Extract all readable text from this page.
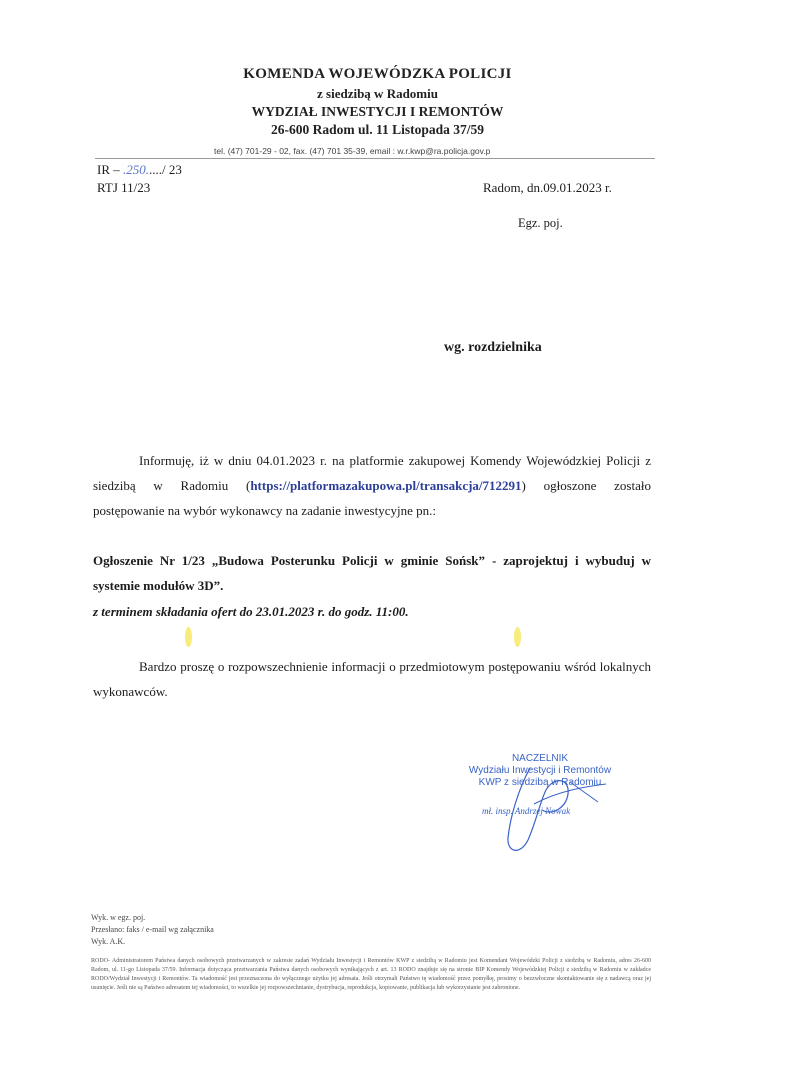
KOMENDA WOJEWÓDZKA POLICJI
z siedzibą w Radomiu
WYDZIAŁ INWESTYCJI I REMONTÓW
26-600 Radom ul. 11 Listopada 37/59
tel. (47) 701-29 - 02, fax. (47) 701 35-39, email : w.r.kwp@ra.policja.gov.p
IR – .250...../ 23
RTJ 11/23	Radom, dn.09.01.2023 r.
Egz. poj.
wg. rozdzielnika
Informuję, iż w dniu 04.01.2023 r. na platformie zakupowej Komendy Wojewódzkiej Policji z siedzibą w Radomiu (https://platformazakupowa.pl/transakcja/712291) ogłoszone zostało postępowanie na wybór wykonawcy na zadanie inwestycyjne pn.:
Ogłoszenie Nr 1/23 „Budowa Posterunku Policji w gminie Sońsk” - zaprojektuj i wybuduj w systemie modułów 3D”.
z terminem składania ofert do 23.01.2023 r. do godz. 11:00.
Bardzo proszę o rozpowszechnienie informacji o przedmiotowym postępowaniu wśród lokalnych wykonawców.
NACZELNIK
Wydziału Inwestycji i Remontów
KWP z siedzibą w Radomiu
mł. insp. Andrzej Nowak
Wyk. w egz. poj.
Przesłano: faks / e-mail wg załącznika
Wyk. A.K.
RODO- Administratorem Państwa danych osobowych przetwarzanych w zakresie zadań Wydziału Inwestycji i Remontów KWP z siedzibą w Radomiu jest Komendant Wojewódzki Policji z siedzibą w Radomiu, adres 26-600 Radom, ul. 11-go Listopada 37/59. Informacja dotycząca przetwarzania Państwa danych osobowych wynikających z art. 13 RODO znajduje się na stronie BIP Komendy Wojewódzkiej Policji z siedzibą w Radomiu w zakładce RODO/Wydział Inwestycji i Remontów. Ta wiadomość jest przeznaczona do wyłącznego użytku jej adresata. Jeśli otrzymali Państwo tę wiadomość przez pomyłkę, prosimy o bezzwłoczne skontaktowanie się z nadawcą oraz jej usunięcie. Jeśli nie są Państwo adresatem tej wiadomości, to wszelkie jej rozpowszechnianie, dystrybucja, reprodukcja, kopiowanie, publikacja lub wykorzystanie jest zabronione.
